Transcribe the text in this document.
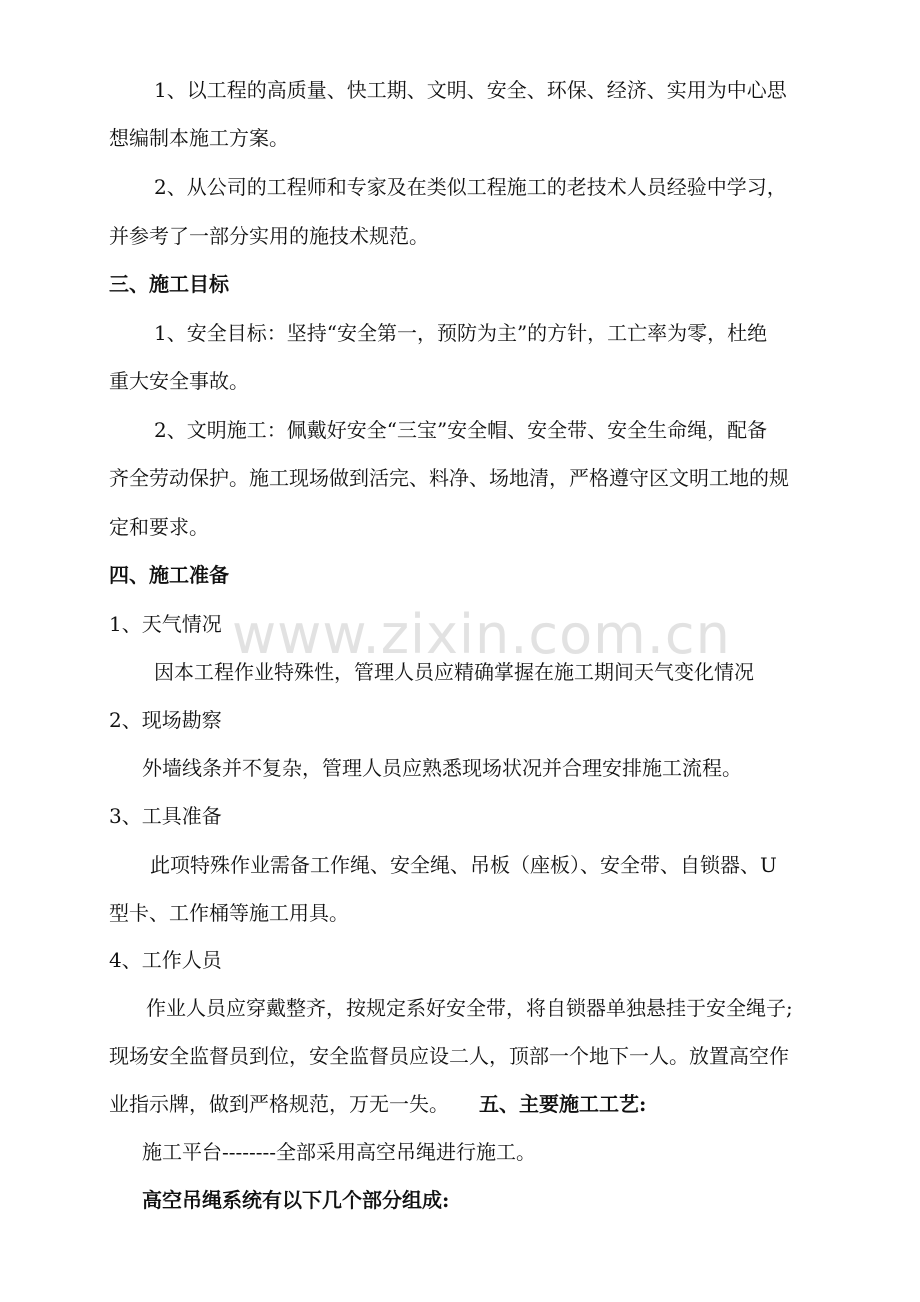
www.zixin.com.cn
1、以工程的高质量、快工期、文明、安全、环保、经济、实用为中心思
想编制本施工方案。
2、从公司的工程师和专家及在类似工程施工的老技术人员经验中学习，
并参考了一部分实用的施技术规范。
三、施工目标
1、安全目标：坚持“安全第一，预防为主”的方针，工亡率为零，杜绝
重大安全事故。
2、文明施工：佩戴好安全“三宝”安全帽、安全带、安全生命绳，配备
齐全劳动保护。施工现场做到活完、料净、场地清，严格遵守区文明工地的规
定和要求。
四、施工准备
1、天气情况
因本工程作业特殊性，管理人员应精确掌握在施工期间天气变化情况
2、现场勘察
外墙线条并不复杂，管理人员应熟悉现场状况并合理安排施工流程。
3、工具准备
此项特殊作业需备工作绳、安全绳、吊板（座板）、安全带、自锁器、U
型卡、工作桶等施工用具。
4、工作人员
作业人员应穿戴整齐，按规定系好安全带，将自锁器单独悬挂于安全绳子;
现场安全监督员到位，安全监督员应设二人，顶部一个地下一人。放置高空作
业指示牌，做到严格规范，万无一失。 五、主要施工工艺:
施工平台--------全部采用高空吊绳进行施工。
高空吊绳系统有以下几个部分组成:
